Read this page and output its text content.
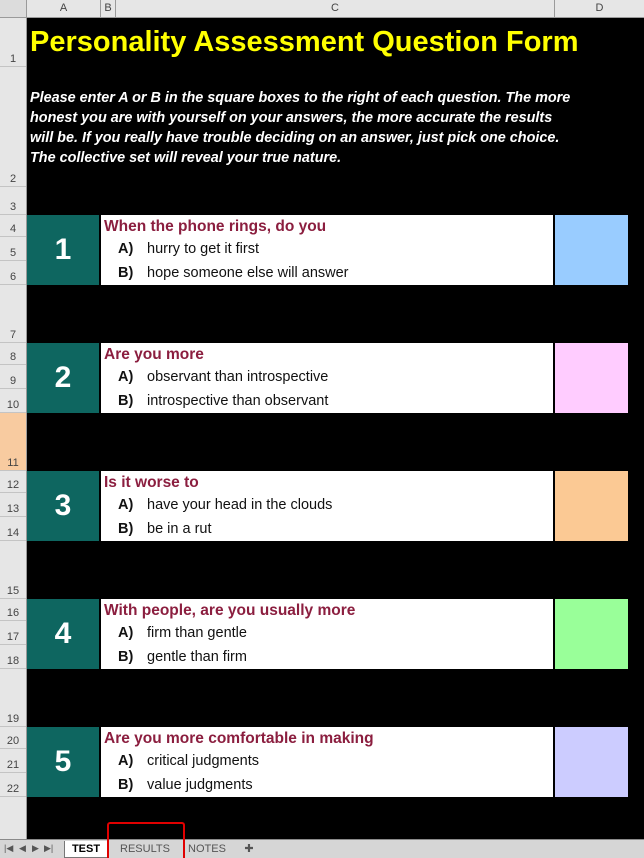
A	B	C	D
1
2
3
4
5
6
7
8
9
10
11
12
13
14
15
16
17
18
19
20
21
22
Personality Assessment Question Form
Please enter A or B in the square boxes to the right of each question. The more
honest you are with yourself on your answers, the more accurate the results
will be. If you really have trouble deciding on an answer, just pick one choice.
The collective set will reveal your true nature.
1
When the phone rings, do you
A) hurry to get it first
B) hope someone else will answer
2
Are you more
A) observant than introspective
B) introspective than observant
3
Is it worse to
A) have your head in the clouds
B) be in a rut
4
With people, are you usually more
A) firm than gentle
B) gentle than firm
5
Are you more comfortable in making
A) critical judgments
B) value judgments
|◀ ◀ ▶ ▶|	TEST	RESULTS	NOTES	✚
